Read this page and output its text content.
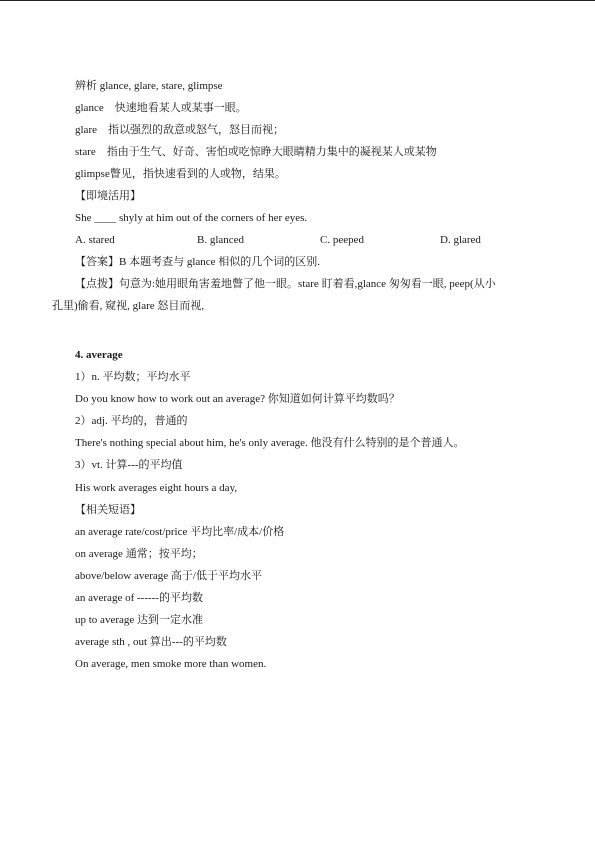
辨析 glance, glare, stare, glimpse
glance 快速地看某人或某事一眼。
glare 指以强烈的敌意或怒气，怒目而视；
stare 指由于生气、好奇、害怕或吃惊睁大眼睛精力集中的凝视某人或某物
glimpse瞥见，指快速看到的人或物，结果。
【即境活用】
She ____ shyly at him out of the corners of her eyes.
A. stared	B. glanced	C. peeped	D. glared
【答案】B 本题考查与 glance 相似的几个词的区别.
【点拨】句意为:她用眼角害羞地瞥了他一眼。stare 盯着看,glance 匆匆看一眼, peep(从小
孔里)偷看, 窥视, glare 怒目而视,
4. average
1）n. 平均数；平均水平
Do you know how to work out an average? 你知道如何计算平均数吗？
2）adj. 平均的，普通的
There's nothing special about him, he's only average. 他没有什么特别的是个普通人。
3）vt. 计算---的平均值
His work averages eight hours a day,
【相关短语】
an average rate/cost/price 平均比率/成本/价格
on average 通常；按平均；
above/below average 高于/低于平均水平
an average of ------的平均数
up to average 达到一定水准
average sth , out 算出---的平均数
On average, men smoke more than women.
